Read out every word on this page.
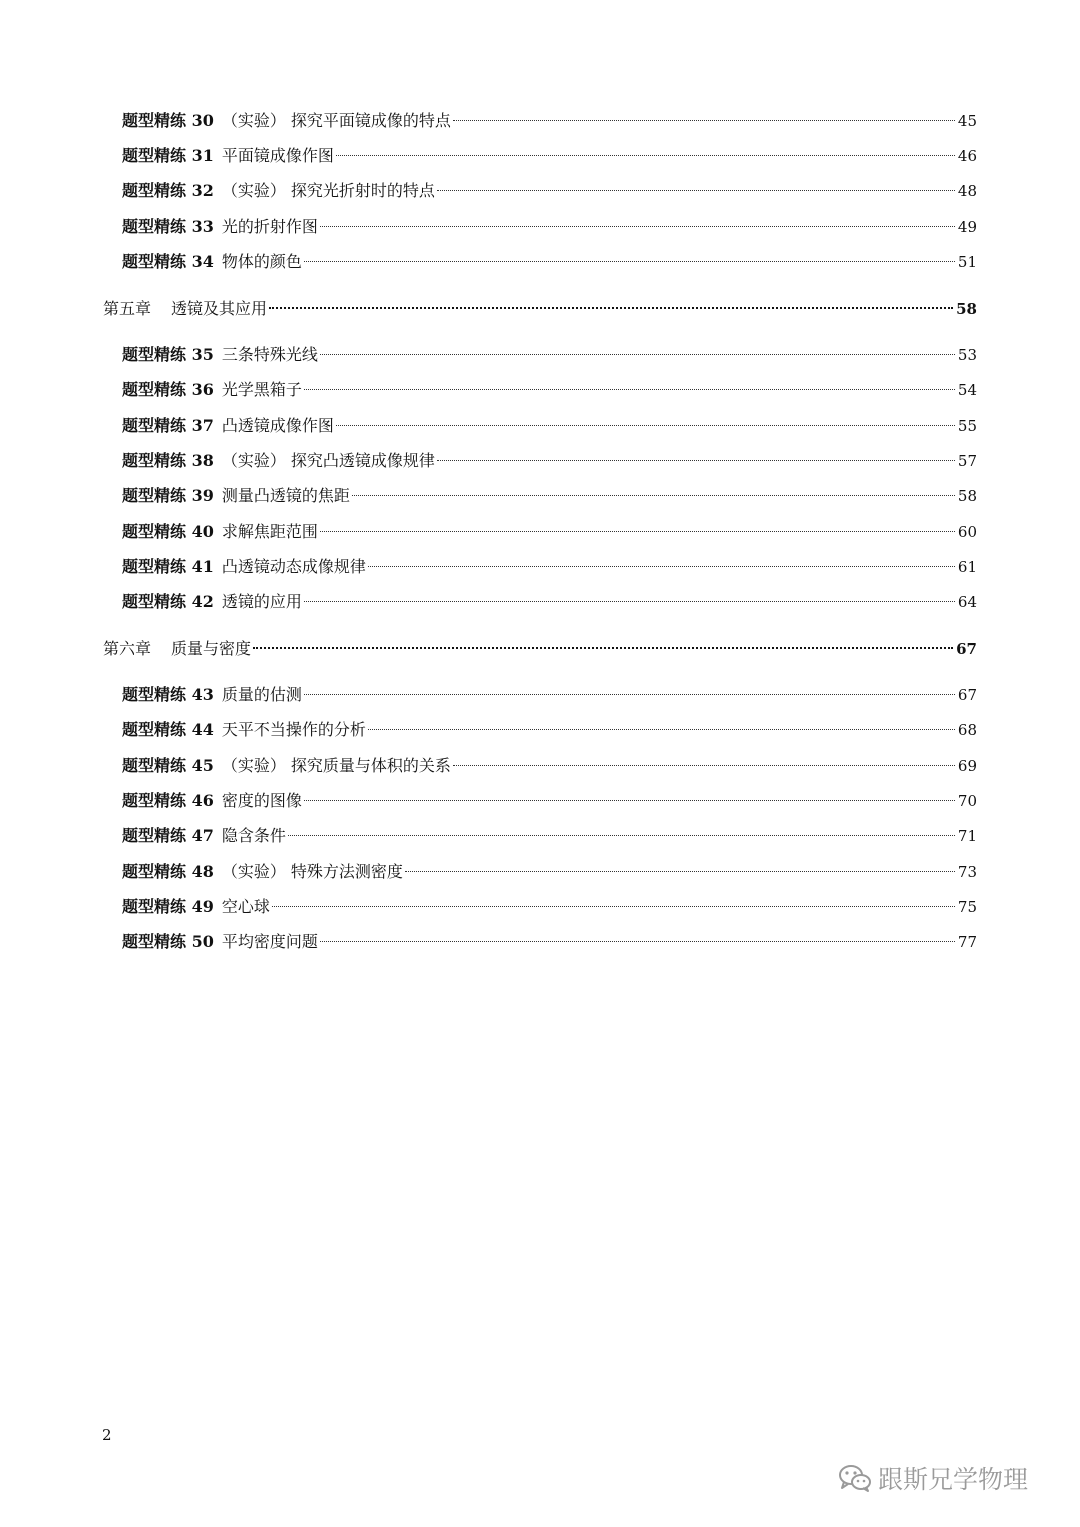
题型精练 30 （实验） 探究平面镜成像的特点	45
题型精练 31 平面镜成像作图	46
题型精练 32 （实验） 探究光折射时的特点	48
题型精练 33 光的折射作图	49
题型精练 34 物体的颜色	51
第五章	透镜及其应用	58
题型精练 35 三条特殊光线	53
题型精练 36 光学黑箱子	54
题型精练 37 凸透镜成像作图	55
题型精练 38 （实验） 探究凸透镜成像规律	57
题型精练 39 测量凸透镜的焦距	58
题型精练 40 求解焦距范围	60
题型精练 41 凸透镜动态成像规律	61
题型精练 42 透镜的应用	64
第六章	质量与密度	67
题型精练 43 质量的估测	67
题型精练 44 天平不当操作的分析	68
题型精练 45 （实验） 探究质量与体积的关系	69
题型精练 46 密度的图像	70
题型精练 47 隐含条件	71
题型精练 48 （实验） 特殊方法测密度	73
题型精练 49 空心球	75
题型精练 50 平均密度问题	77
2
跟斯兄学物理
